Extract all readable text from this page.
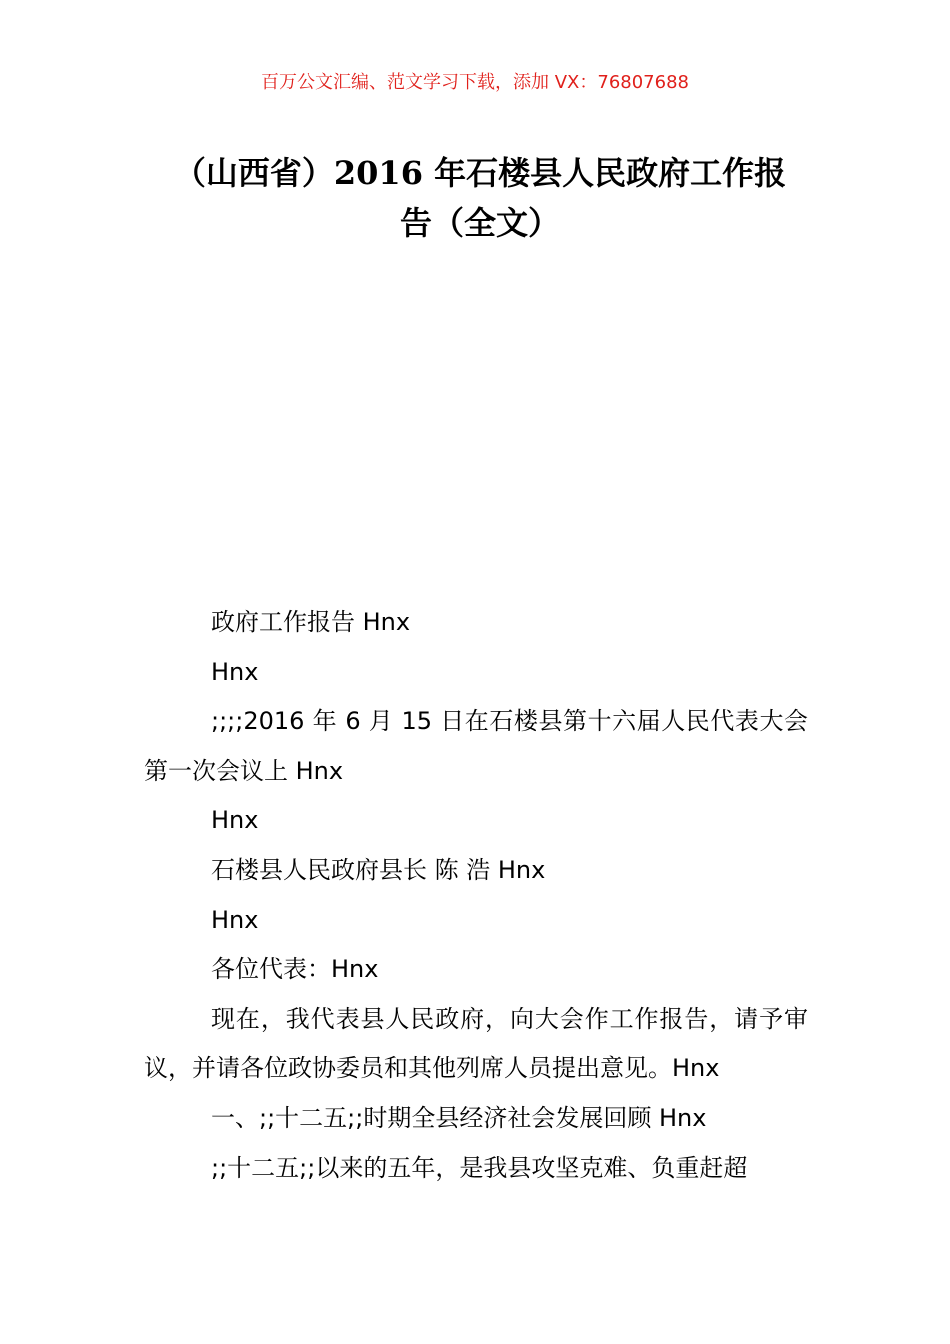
百万公文汇编、范文学习下载，添加 VX：76807688
（山西省）2016 年石楼县人民政府工作报
告（全文）

政府工作报告 Hnx

Hnx

;;;;2016 年 6 月 15 日在石楼县第十六届人民代表大会第一次会议上 Hnx

Hnx

石楼县人民政府县长 陈 浩 Hnx

Hnx

各位代表：Hnx

现在，我代表县人民政府，向大会作工作报告，请予审议，并请各位政协委员和其他列席人员提出意见。Hnx

一、;;十二五;;时期全县经济社会发展回顾 Hnx

;;十二五;;以来的五年，是我县攻坚克难、负重赶超
